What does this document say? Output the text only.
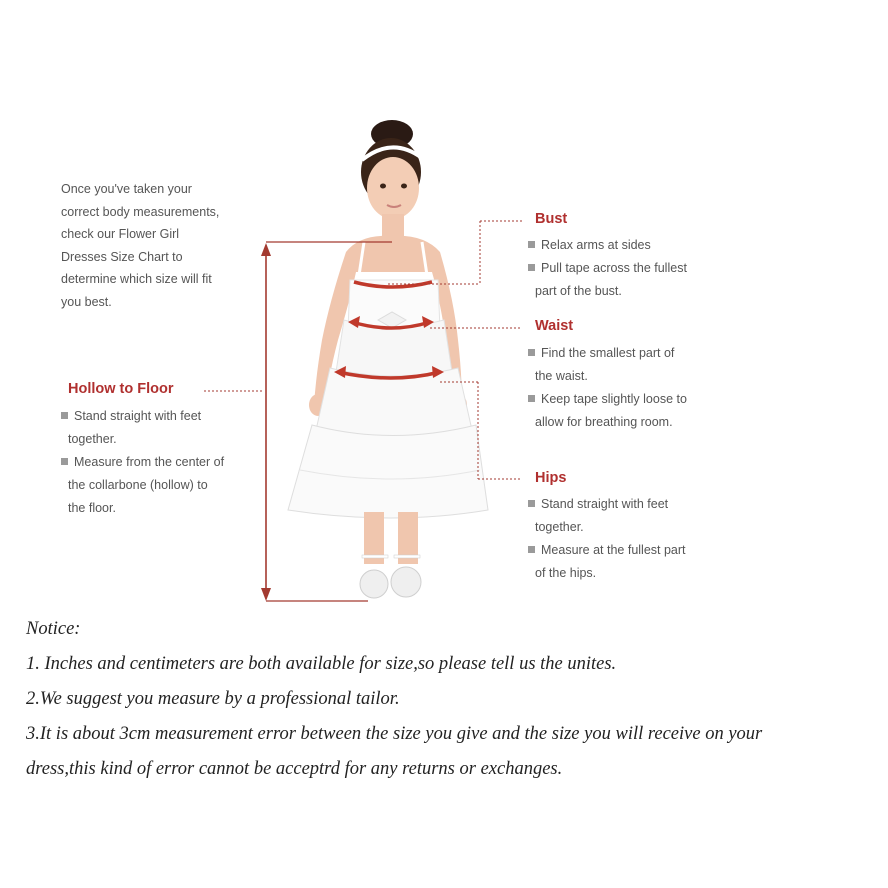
Once you've taken your
correct body measurements,
check our Flower Girl
Dresses Size Chart to
determine which size will fit
you best.
Hollow to Floor
Stand straight with feet
together.
Measure from the center of
the collarbone (hollow) to
the floor.
Bust
Relax arms at sides
Pull tape across the fullest
part of the bust.
Waist
Find the smallest part of
the waist.
Keep tape slightly loose to
allow for breathing room.
Hips
Stand straight with feet
together.
Measure at the fullest part
of the hips.
Notice:
1. Inches and centimeters are both available for size,so please tell us the unites.
2.We suggest you measure by a professional tailor.
3.It is about 3cm measurement error between the size you give and the size you will receive on your
dress,this kind of error cannot be acceptrd for any returns or exchanges.
